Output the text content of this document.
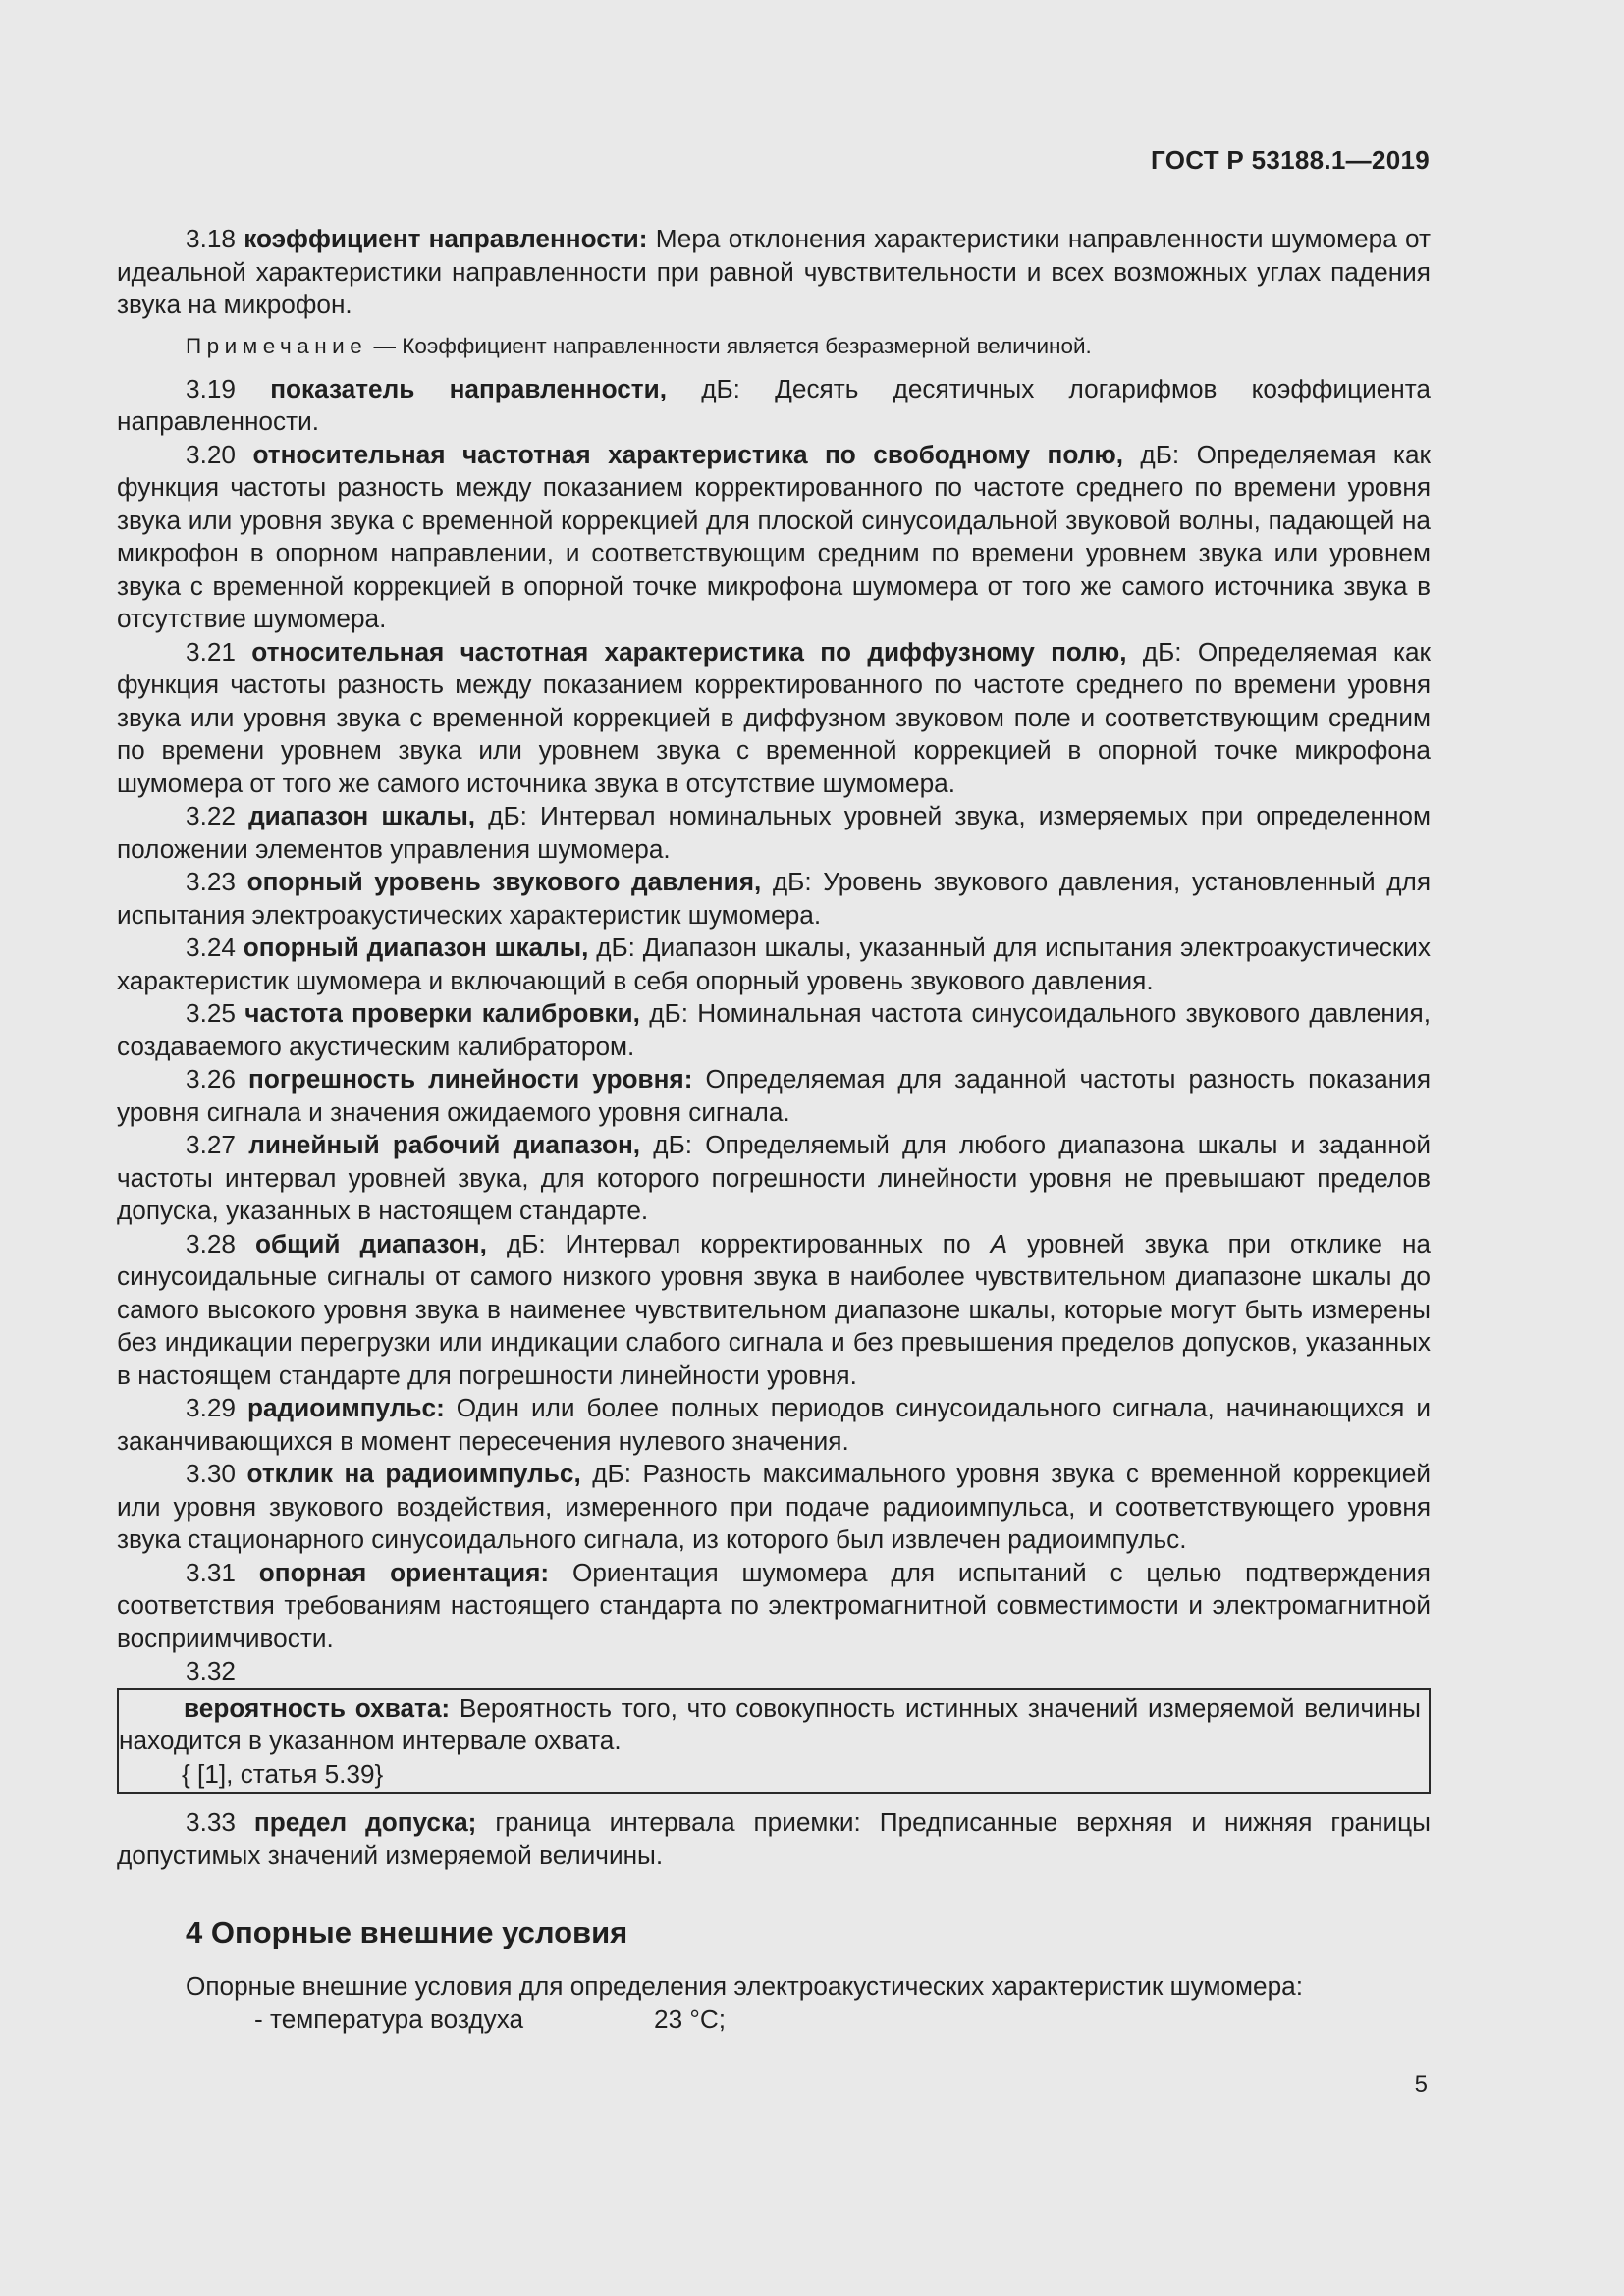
ГОСТ Р 53188.1—2019

3.18 коэффициент направленности: Мера отклонения характеристики направленности шумомера от идеальной характеристики направленности при равной чувствительности и всех возможных углах падения звука на микрофон.

Примечание — Коэффициент направленности является безразмерной величиной.

3.19 показатель направленности, дБ: Десять десятичных логарифмов коэффициента направленности.

3.20 относительная частотная характеристика по свободному полю, дБ: Определяемая как функция частоты разность между показанием корректированного по частоте среднего по времени уровня звука или уровня звука с временной коррекцией для плоской синусоидальной звуковой волны, падающей на микрофон в опорном направлении, и соответствующим средним по времени уровнем звука или уровнем звука с временной коррекцией в опорной точке микрофона шумомера от того же самого источника звука в отсутствие шумомера.

3.21 относительная частотная характеристика по диффузному полю, дБ: Определяемая как функция частоты разность между показанием корректированного по частоте среднего по времени уровня звука или уровня звука с временной коррекцией в диффузном звуковом поле и соответствующим средним по времени уровнем звука или уровнем звука с временной коррекцией в опорной точке микрофона шумомера от того же самого источника звука в отсутствие шумомера.

3.22 диапазон шкалы, дБ: Интервал номинальных уровней звука, измеряемых при определенном положении элементов управления шумомера.

3.23 опорный уровень звукового давления, дБ: Уровень звукового давления, установленный для испытания электроакустических характеристик шумомера.

3.24 опорный диапазон шкалы, дБ: Диапазон шкалы, указанный для испытания электроакустических характеристик шумомера и включающий в себя опорный уровень звукового давления.

3.25 частота проверки калибровки, дБ: Номинальная частота синусоидального звукового давления, создаваемого акустическим калибратором.

3.26 погрешность линейности уровня: Определяемая для заданной частоты разность показания уровня сигнала и значения ожидаемого уровня сигнала.

3.27 линейный рабочий диапазон, дБ: Определяемый для любого диапазона шкалы и заданной частоты интервал уровней звука, для которого погрешности линейности уровня не превышают пределов допуска, указанных в настоящем стандарте.

3.28 общий диапазон, дБ: Интервал корректированных по А уровней звука при отклике на синусоидальные сигналы от самого низкого уровня звука в наиболее чувствительном диапазоне шкалы до самого высокого уровня звука в наименее чувствительном диапазоне шкалы, которые могут быть измерены без индикации перегрузки или индикации слабого сигнала и без превышения пределов допусков, указанных в настоящем стандарте для погрешности линейности уровня.

3.29 радиоимпульс: Один или более полных периодов синусоидального сигнала, начинающихся и заканчивающихся в момент пересечения нулевого значения.

3.30 отклик на радиоимпульс, дБ: Разность максимального уровня звука с временной коррекцией или уровня звукового воздействия, измеренного при подаче радиоимпульса, и соответствующего уровня звука стационарного синусоидального сигнала, из которого был извлечен радиоимпульс.

3.31 опорная ориентация: Ориентация шумомера для испытаний с целью подтверждения соответствия требованиям настоящего стандарта по электромагнитной совместимости и электромагнитной восприимчивости.

3.32

вероятность охвата: Вероятность того, что совокупность истинных значений измеряемой величины находится в указанном интервале охвата.

{ [1], статья 5.39}

3.33 предел допуска; граница интервала приемки: Предписанные верхняя и нижняя границы допустимых значений измеряемой величины.

4 Опорные внешние условия

Опорные внешние условия для определения электроакустических характеристик шумомера:

- температура воздуха	23 °C;

5
